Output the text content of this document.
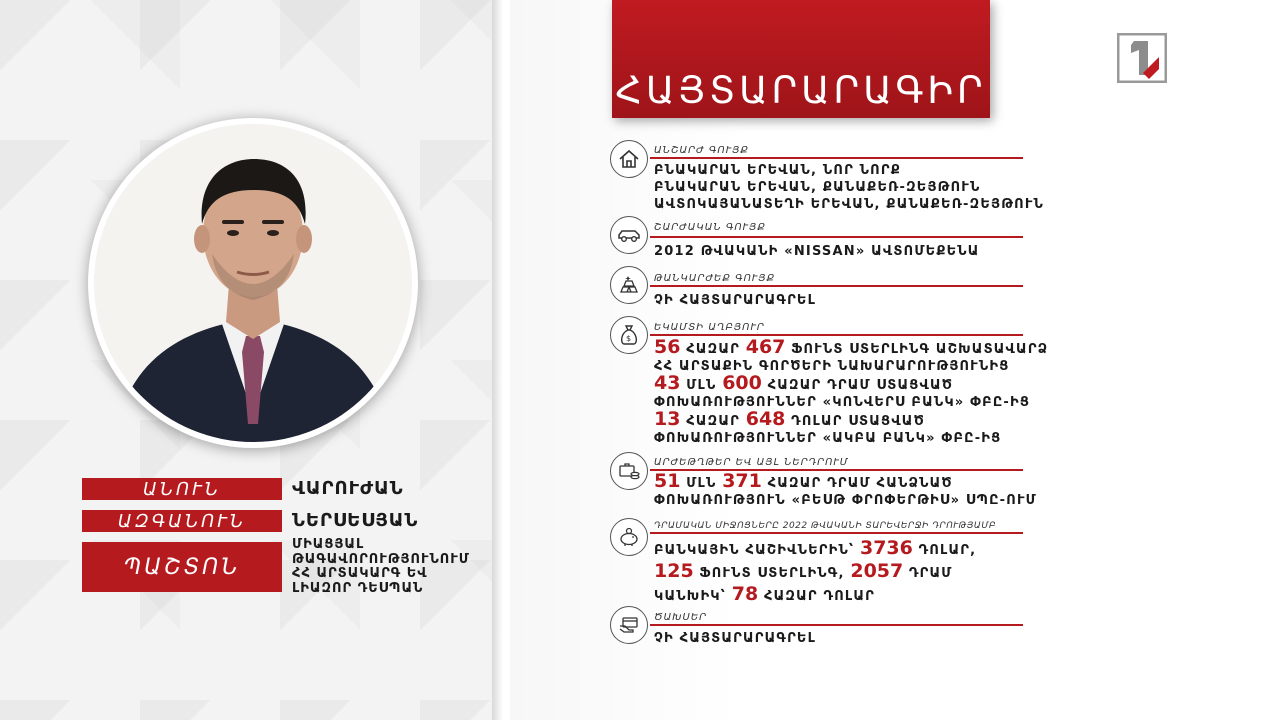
ԱՆՈՒՆ	ՎԱՐՈՒԺԱՆ
ԱԶԳԱՆՈՒՆ	ՆԵՐՍԵՍՅԱՆ
ՊԱՇՏՈՆ
ՄԻԱՑՅԱԼ
ԹԱԳԱՎՈՐՈՒԹՅՈՒՆՈՒՄ
ՀՀ ԱՐՏԱԿԱՐԳ ԵՎ
ԼԻԱԶՈՐ ԴԵՍՊԱՆ
ՀԱՅՏԱՐԱՐԱԳԻՐ
ԱՆՇԱՐԺ ԳՈՒՅՔ
ԲՆԱԿԱՐԱՆ ԵՐԵՎԱՆ, ՆՈՐ ՆՈՐՔ
ԲՆԱԿԱՐԱՆ ԵՐԵՎԱՆ, ՔԱՆԱՔԵՌ-ԶԵՅԹՈՒՆ
ԱՎՏՈԿԱՅԱՆԱՏԵՂԻ ԵՐԵՎԱՆ, ՔԱՆԱՔԵՌ-ԶԵՅԹՈՒՆ
ՇԱՐԺԱԿԱՆ ԳՈՒՅՔ
2012 ԹՎԱԿԱՆԻ «NISSAN» ԱՎՏՈՄԵՔԵՆԱ
ԹԱՆԿԱՐԺԵՔ ԳՈՒՅՔ
ՉԻ ՀԱՅՏԱՐԱՐԱԳՐԵԼ
$
ԵԿԱՄՏԻ ԱՂԲՅՈՒՐ
56 ՀԱԶԱՐ 467 ՖՈՒՆՏ ՍՏԵՐԼԻՆԳ ԱՇԽԱՏԱՎԱՐՁ
ՀՀ ԱՐՏԱՔԻՆ ԳՈՐԾԵՐԻ ՆԱԽԱՐԱՐՈՒԹՅՈՒՆԻՑ
43 ՄԼՆ 600 ՀԱԶԱՐ ԴՐԱՄ ՍՏԱՑՎԱԾ
ՓՈԽԱՌՈՒԹՅՈՒՆՆԵՐ «ԿՈՆՎԵՐՍ ԲԱՆԿ» ՓԲԸ-ԻՑ
13 ՀԱԶԱՐ 648 ԴՈԼԱՐ ՍՏԱՑՎԱԾ
ՓՈԽԱՌՈՒԹՅՈՒՆՆԵՐ «ԱԿԲԱ ԲԱՆԿ» ՓԲԸ-ԻՑ
ԱՐԺԵԹՂԹԵՐ ԵՎ ԱՅԼ ՆԵՐԴՐՈՒՄ
51 ՄԼՆ 371 ՀԱԶԱՐ ԴՐԱՄ ՀԱՆՁՆԱԾ
ՓՈԽԱՌՈՒԹՅՈՒՆ «ԲԵՍԹ ՓՐՈՓԵՐԹԻՍ» ՍՊԸ-ՈՒՄ
ԴՐԱՄԱԿԱՆ ՄԻՋՈՑՆԵՐԸ 2022 ԹՎԱԿԱՆԻ ՏԱՐԵՎԵՐՋԻ ԴՐՈՒԹՅԱՄԲ
ԲԱՆԿԱՅԻՆ ՀԱՇԻՎՆԵՐԻՆ՝ 3736 ԴՈԼԱՐ,
125 ՖՈՒՆՏ ՍՏԵՐԼԻՆԳ, 2057 ԴՐԱՄ
ԿԱՆԽԻԿ՝ 78 ՀԱԶԱՐ ԴՈԼԱՐ
ԾԱԽՍԵՐ
ՉԻ ՀԱՅՏԱՐԱՐԱԳՐԵԼ
